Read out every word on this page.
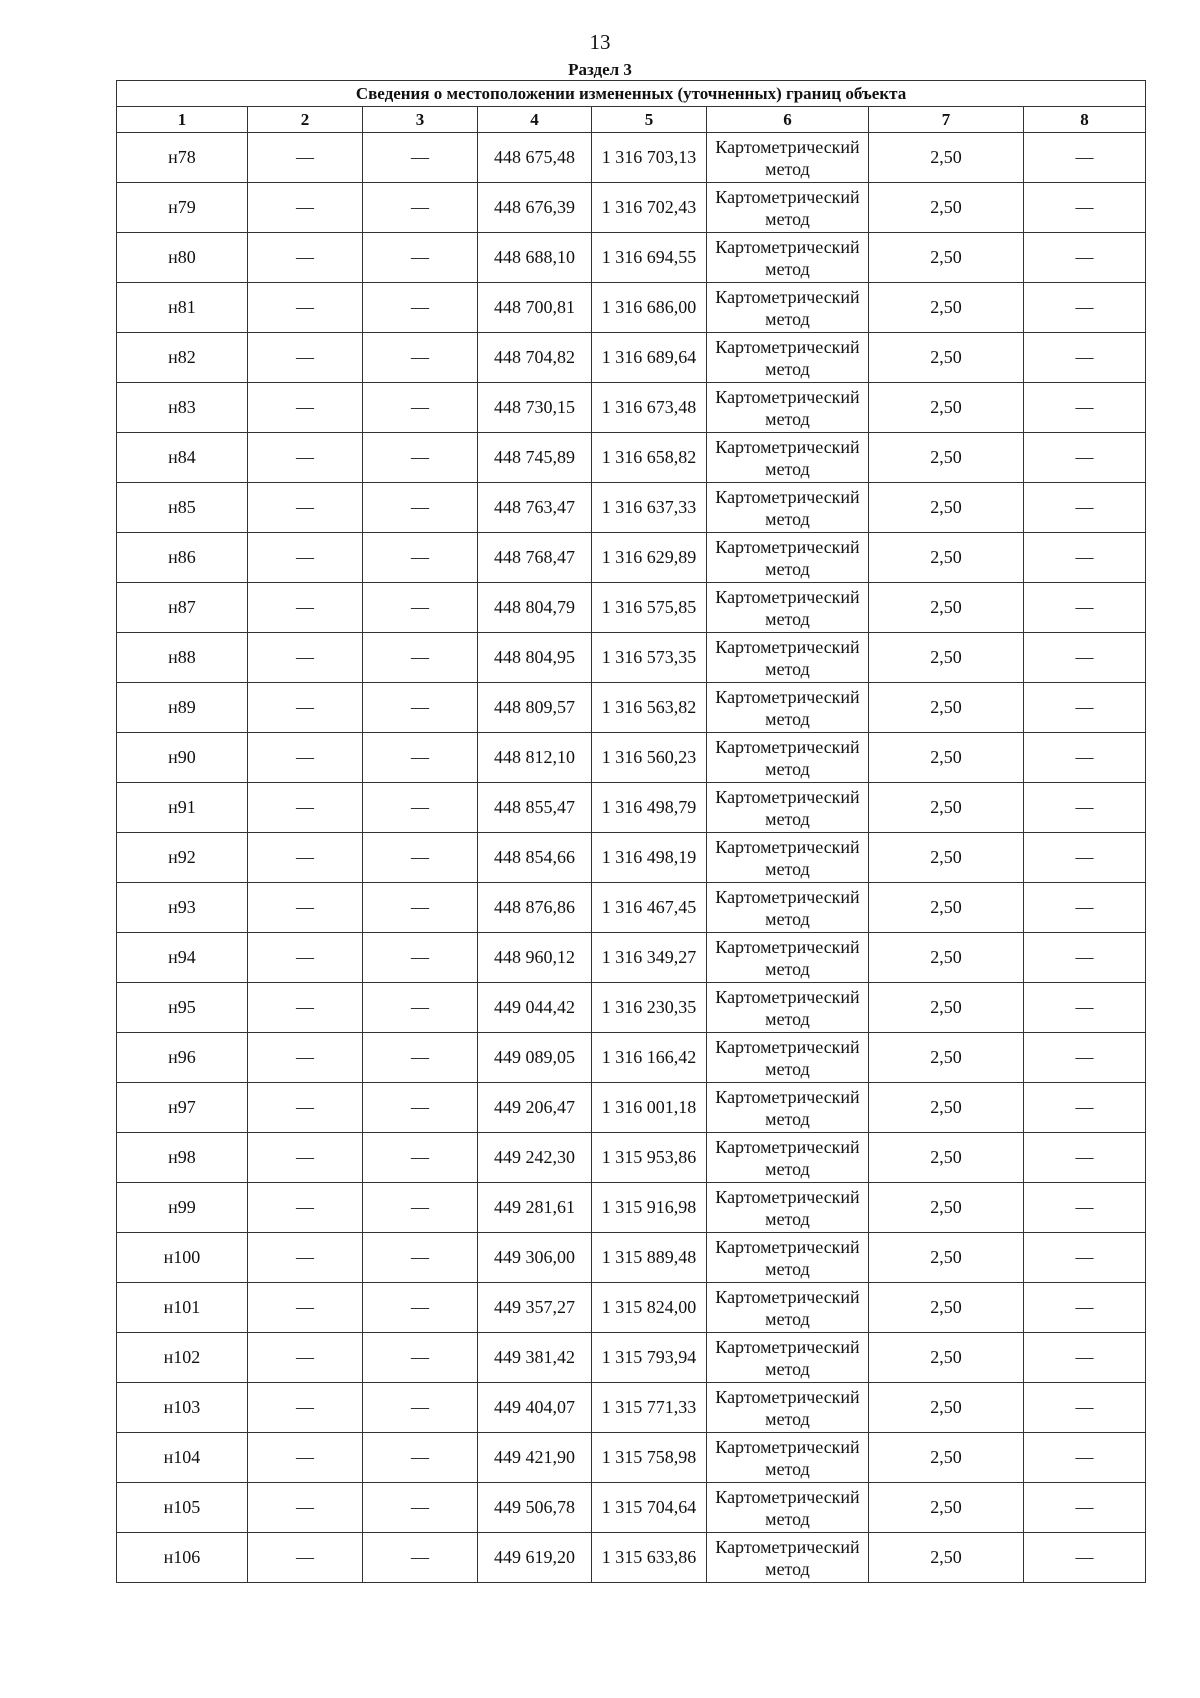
13
Раздел 3
Сведения о местоположении измененных (уточненных) границ объекта							
1	2	3	4	5	6	7	8
н78	—	—	448 675,48	1 316 703,13	Картометрический метод	2,50	—
н79	—	—	448 676,39	1 316 702,43	Картометрический метод	2,50	—
н80	—	—	448 688,10	1 316 694,55	Картометрический метод	2,50	—
н81	—	—	448 700,81	1 316 686,00	Картометрический метод	2,50	—
н82	—	—	448 704,82	1 316 689,64	Картометрический метод	2,50	—
н83	—	—	448 730,15	1 316 673,48	Картометрический метод	2,50	—
н84	—	—	448 745,89	1 316 658,82	Картометрический метод	2,50	—
н85	—	—	448 763,47	1 316 637,33	Картометрический метод	2,50	—
н86	—	—	448 768,47	1 316 629,89	Картометрический метод	2,50	—
н87	—	—	448 804,79	1 316 575,85	Картометрический метод	2,50	—
н88	—	—	448 804,95	1 316 573,35	Картометрический метод	2,50	—
н89	—	—	448 809,57	1 316 563,82	Картометрический метод	2,50	—
н90	—	—	448 812,10	1 316 560,23	Картометрический метод	2,50	—
н91	—	—	448 855,47	1 316 498,79	Картометрический метод	2,50	—
н92	—	—	448 854,66	1 316 498,19	Картометрический метод	2,50	—
н93	—	—	448 876,86	1 316 467,45	Картометрический метод	2,50	—
н94	—	—	448 960,12	1 316 349,27	Картометрический метод	2,50	—
н95	—	—	449 044,42	1 316 230,35	Картометрический метод	2,50	—
н96	—	—	449 089,05	1 316 166,42	Картометрический метод	2,50	—
н97	—	—	449 206,47	1 316 001,18	Картометрический метод	2,50	—
н98	—	—	449 242,30	1 315 953,86	Картометрический метод	2,50	—
н99	—	—	449 281,61	1 315 916,98	Картометрический метод	2,50	—
н100	—	—	449 306,00	1 315 889,48	Картометрический метод	2,50	—
н101	—	—	449 357,27	1 315 824,00	Картометрический метод	2,50	—
н102	—	—	449 381,42	1 315 793,94	Картометрический метод	2,50	—
н103	—	—	449 404,07	1 315 771,33	Картометрический метод	2,50	—
н104	—	—	449 421,90	1 315 758,98	Картометрический метод	2,50	—
н105	—	—	449 506,78	1 315 704,64	Картометрический метод	2,50	—
н106	—	—	449 619,20	1 315 633,86	Картометрический метод	2,50	—
